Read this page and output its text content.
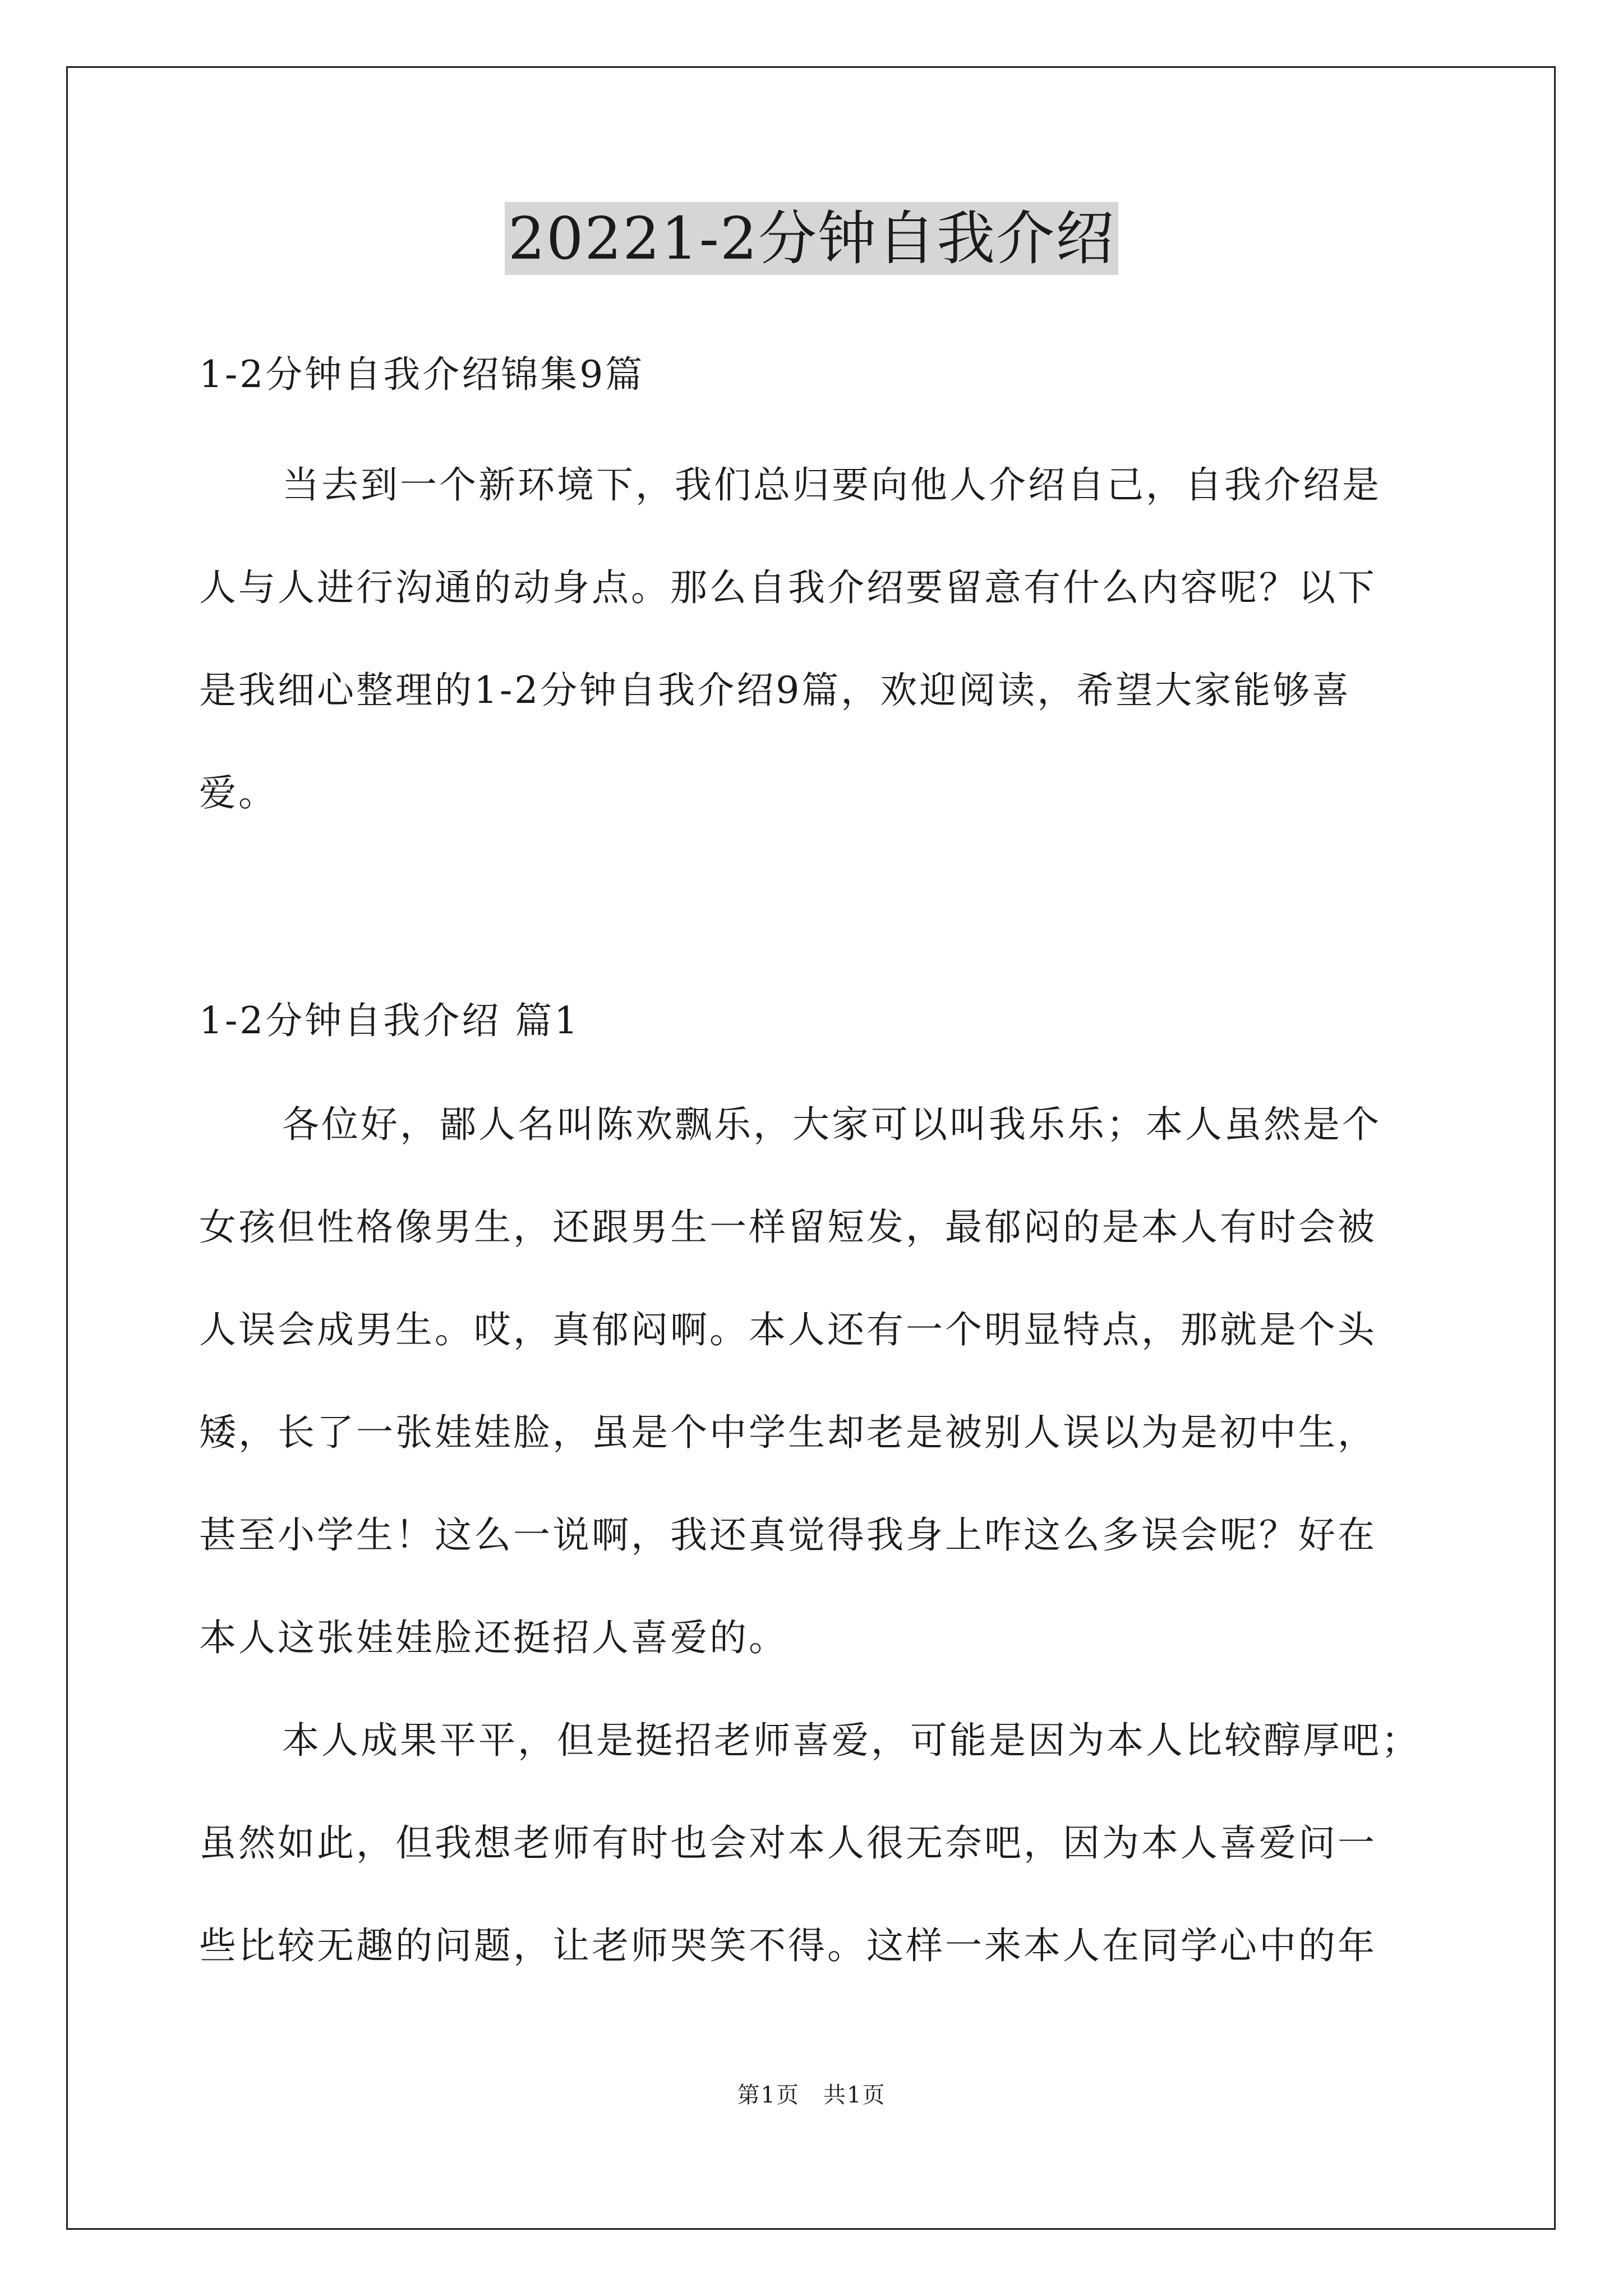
20221-2分钟自我介绍
1-2分钟自我介绍锦集9篇
当去到一个新环境下，我们总归要向他人介绍自己，自我介绍是
人与人进行沟通的动身点。那么自我介绍要留意有什么内容呢？以下
是我细心整理的1-2分钟自我介绍9篇，欢迎阅读，希望大家能够喜
爱。
1-2分钟自我介绍 篇1
各位好，鄙人名叫陈欢飘乐，大家可以叫我乐乐；本人虽然是个
女孩但性格像男生，还跟男生一样留短发，最郁闷的是本人有时会被
人误会成男生。哎，真郁闷啊。本人还有一个明显特点，那就是个头
矮，长了一张娃娃脸，虽是个中学生却老是被别人误以为是初中生，
甚至小学生！这么一说啊，我还真觉得我身上咋这么多误会呢？好在
本人这张娃娃脸还挺招人喜爱的。
本人成果平平，但是挺招老师喜爱，可能是因为本人比较醇厚吧；
虽然如此，但我想老师有时也会对本人很无奈吧，因为本人喜爱问一
些比较无趣的问题，让老师哭笑不得。这样一来本人在同学心中的年
第1页　共1页
